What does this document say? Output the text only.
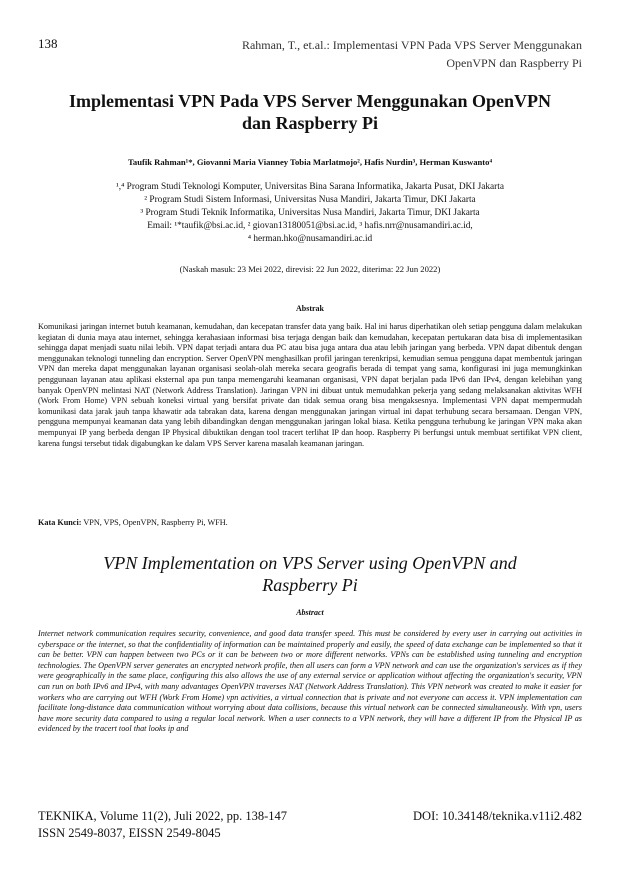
138	Rahman, T., et.al.: Implementasi VPN Pada VPS Server Menggunakan
OpenVPN dan Raspberry Pi
Implementasi VPN Pada VPS Server Menggunakan OpenVPN
dan Raspberry Pi
Taufik Rahman¹*, Giovanni Maria Vianney Tobia Marlatmojo², Hafis Nurdin³, Herman Kuswanto⁴
¹,⁴ Program Studi Teknologi Komputer, Universitas Bina Sarana Informatika, Jakarta Pusat, DKI Jakarta
² Program Studi Sistem Informasi, Universitas Nusa Mandiri, Jakarta Timur, DKI Jakarta
³ Program Studi Teknik Informatika, Universitas Nusa Mandiri, Jakarta Timur, DKI Jakarta
Email: ¹*taufik@bsi.ac.id, ² giovan13180051@bsi.ac.id, ³ hafis.nrr@nusamandiri.ac.id,
⁴ herman.hko@nusamandiri.ac.id
(Naskah masuk: 23 Mei 2022, direvisi: 22 Jun 2022, diterima: 22 Jun 2022)
Abstrak
Komunikasi jaringan internet butuh keamanan, kemudahan, dan kecepatan transfer data yang baik. Hal ini harus diperhatikan oleh setiap pengguna dalam melakukan kegiatan di dunia maya atau internet, sehingga kerahasiaan informasi bisa terjaga dengan baik dan kemudahan, kecepatan pertukaran data bisa di implementasikan sehingga dapat menjadi suatu nilai lebih. VPN dapat terjadi antara dua PC atau bisa juga antara dua atau lebih jaringan yang berbeda. VPN dapat dibentuk dengan menggunakan teknologi tunneling dan encryption. Server OpenVPN menghasilkan profil jaringan terenkripsi, kemudian semua pengguna dapat membentuk jaringan VPN dan mereka dapat menggunakan layanan organisasi seolah-olah mereka secara geografis berada di tempat yang sama, konfigurasi ini juga memungkinkan penggunaan layanan atau aplikasi eksternal apa pun tanpa memengaruhi keamanan organisasi, VPN dapat berjalan pada IPv6 dan IPv4, dengan kelebihan yang banyak OpenVPN melintasi NAT (Network Address Translation). Jaringan VPN ini dibuat untuk memudahkan pekerja yang sedang melaksanakan aktivitas WFH (Work From Home) VPN sebuah koneksi virtual yang bersifat private dan tidak semua orang bisa mengaksesnya. Implementasi VPN dapat mempermudah komunikasi data jarak jauh tanpa khawatir ada tabrakan data, karena dengan menggunakan jaringan virtual ini dapat terhubung secara bersamaan. Dengan VPN, pengguna mempunyai keamanan data yang lebih dibandingkan dengan menggunakan jaringan lokal biasa. Ketika pengguna terhubung ke jaringan VPN maka akan mempunyai IP yang berbeda dengan IP Physical dibuktikan dengan tool tracert terlihat IP dan hoop. Raspberry Pi berfungsi untuk membuat sertifikat VPN client, karena fungsi tersebut tidak digabungkan ke dalam VPS Server karena masalah keamanan jaringan.
Kata Kunci: VPN, VPS, OpenVPN, Raspberry Pi, WFH.
VPN Implementation on VPS Server using OpenVPN and
Raspberry Pi
Abstract
Internet network communication requires security, convenience, and good data transfer speed. This must be considered by every user in carrying out activities in cyberspace or the internet, so that the confidentiality of information can be maintained properly and easily, the speed of data exchange can be implemented so that it can be better. VPN can happen between two PCs or it can be between two or more different networks. VPNs can be established using tunneling and encryption technologies. The OpenVPN server generates an encrypted network profile, then all users can form a VPN network and can use the organization's services as if they were geographically in the same place, configuring this also allows the use of any external service or application without affecting the organization's security, VPN can run on both IPv6 and IPv4, with many advantages OpenVPN traverses NAT (Network Address Translation). This VPN network was created to make it easier for workers who are carrying out WFH (Work From Home) vpn activities, a virtual connection that is private and not everyone can access it. VPN implementation can facilitate long-distance data communication without worrying about data collisions, because this virtual network can be connected simultaneously. With vpn, users have more security data compared to using a regular local network. When a user connects to a VPN network, they will have a different IP from the Physical IP as evidenced by the tracert tool that looks ip and
TEKNIKA, Volume 11(2), Juli 2022, pp. 138-147
ISSN 2549-8037, EISSN 2549-8045
DOI: 10.34148/teknika.v11i2.482
